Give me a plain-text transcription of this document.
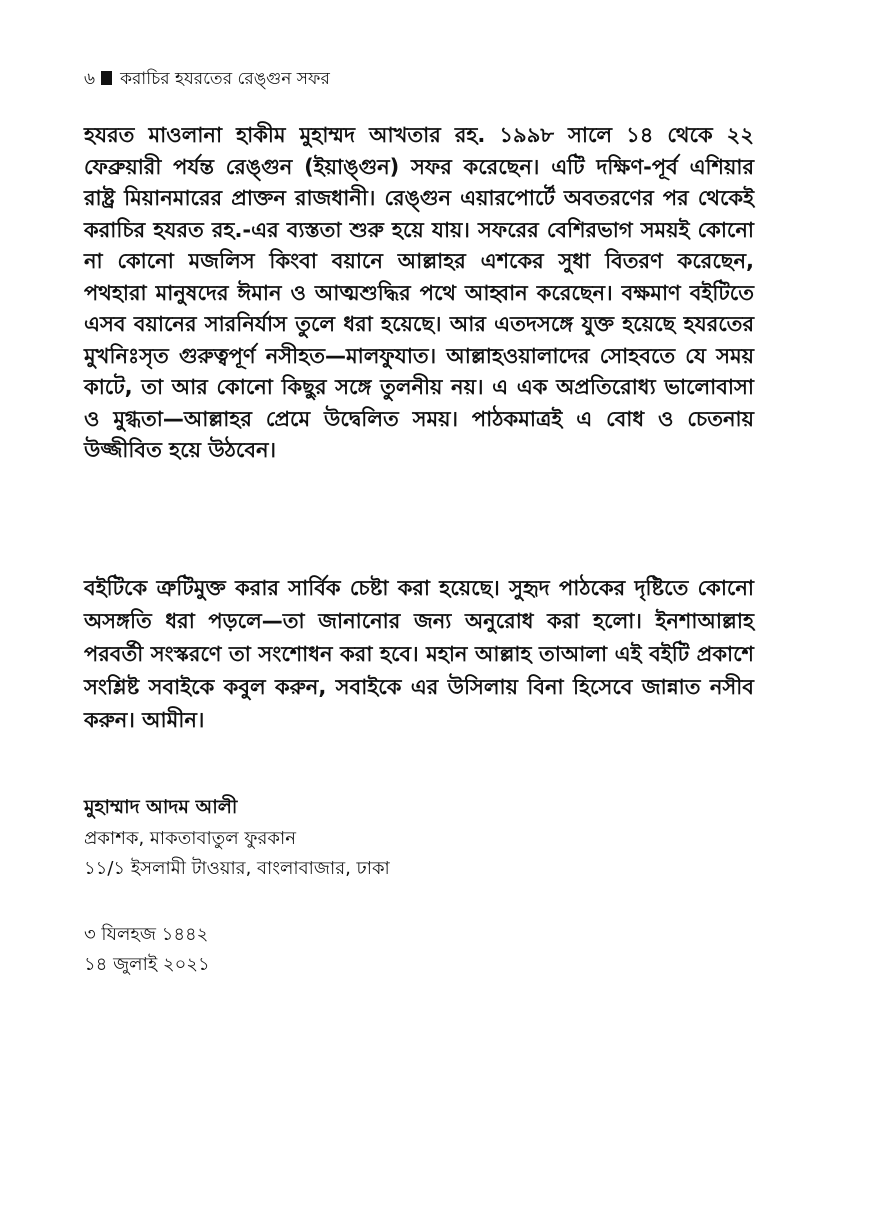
৬ করাচির হযরতের রেঙ্গুন সফর

হযরত মাওলানা হাকীম মুহাম্মদ আখতার রহ. ১৯৯৮ সালে ১৪ থেকে ২২ ফেব্রুয়ারী পর্যন্ত রেঙ্গুন (ইয়াঙ্গুন) সফর করেছেন। এটি দক্ষিণ-পূর্ব এশিয়ার রাষ্ট্র মিয়ানমারের প্রাক্তন রাজধানী। রেঙ্গুন এয়ারপোর্টে অবতরণের পর থেকেই করাচির হযরত রহ.-এর ব্যস্ততা শুরু হয়ে যায়। সফরের বেশিরভাগ সময়ই কোনো না কোনো মজলিস কিংবা বয়ানে আল্লাহর এশকের সুধা বিতরণ করেছেন, পথহারা মানুষদের ঈমান ও আত্মশুদ্ধির পথে আহ্বান করেছেন। বক্ষমাণ বইটিতে এসব বয়ানের সারনির্যাস তুলে ধরা হয়েছে। আর এতদসঙ্গে যুক্ত হয়েছে হযরতের মুখনিঃসৃত গুরুত্বপূর্ণ নসীহত—মালফুযাত। আল্লাহওয়ালাদের সোহবতে যে সময় কাটে, তা আর কোনো কিছুর সঙ্গে তুলনীয় নয়। এ এক অপ্রতিরোধ্য ভালোবাসা ও মুগ্ধতা—আল্লাহর প্রেমে উদ্বেলিত সময়। পাঠকমাত্রই এ বোধ ও চেতনায় উজ্জীবিত হয়ে উঠবেন।

বইটিকে ত্রুটিমুক্ত করার সার্বিক চেষ্টা করা হয়েছে। সুহৃদ পাঠকের দৃষ্টিতে কোনো অসঙ্গতি ধরা পড়লে—তা জানানোর জন্য অনুরোধ করা হলো। ইনশাআল্লাহ পরবর্তী সংস্করণে তা সংশোধন করা হবে। মহান আল্লাহ তাআলা এই বইটি প্রকাশে সংশ্লিষ্ট সবাইকে কবুল করুন, সবাইকে এর উসিলায় বিনা হিসেবে জান্নাত নসীব করুন। আমীন।

মুহাম্মাদ আদম আলী
প্রকাশক, মাকতাবাতুল ফুরকান
১১/১ ইসলামী টাওয়ার, বাংলাবাজার, ঢাকা
৩ যিলহজ ১৪৪২
১৪ জুলাই ২০২১
